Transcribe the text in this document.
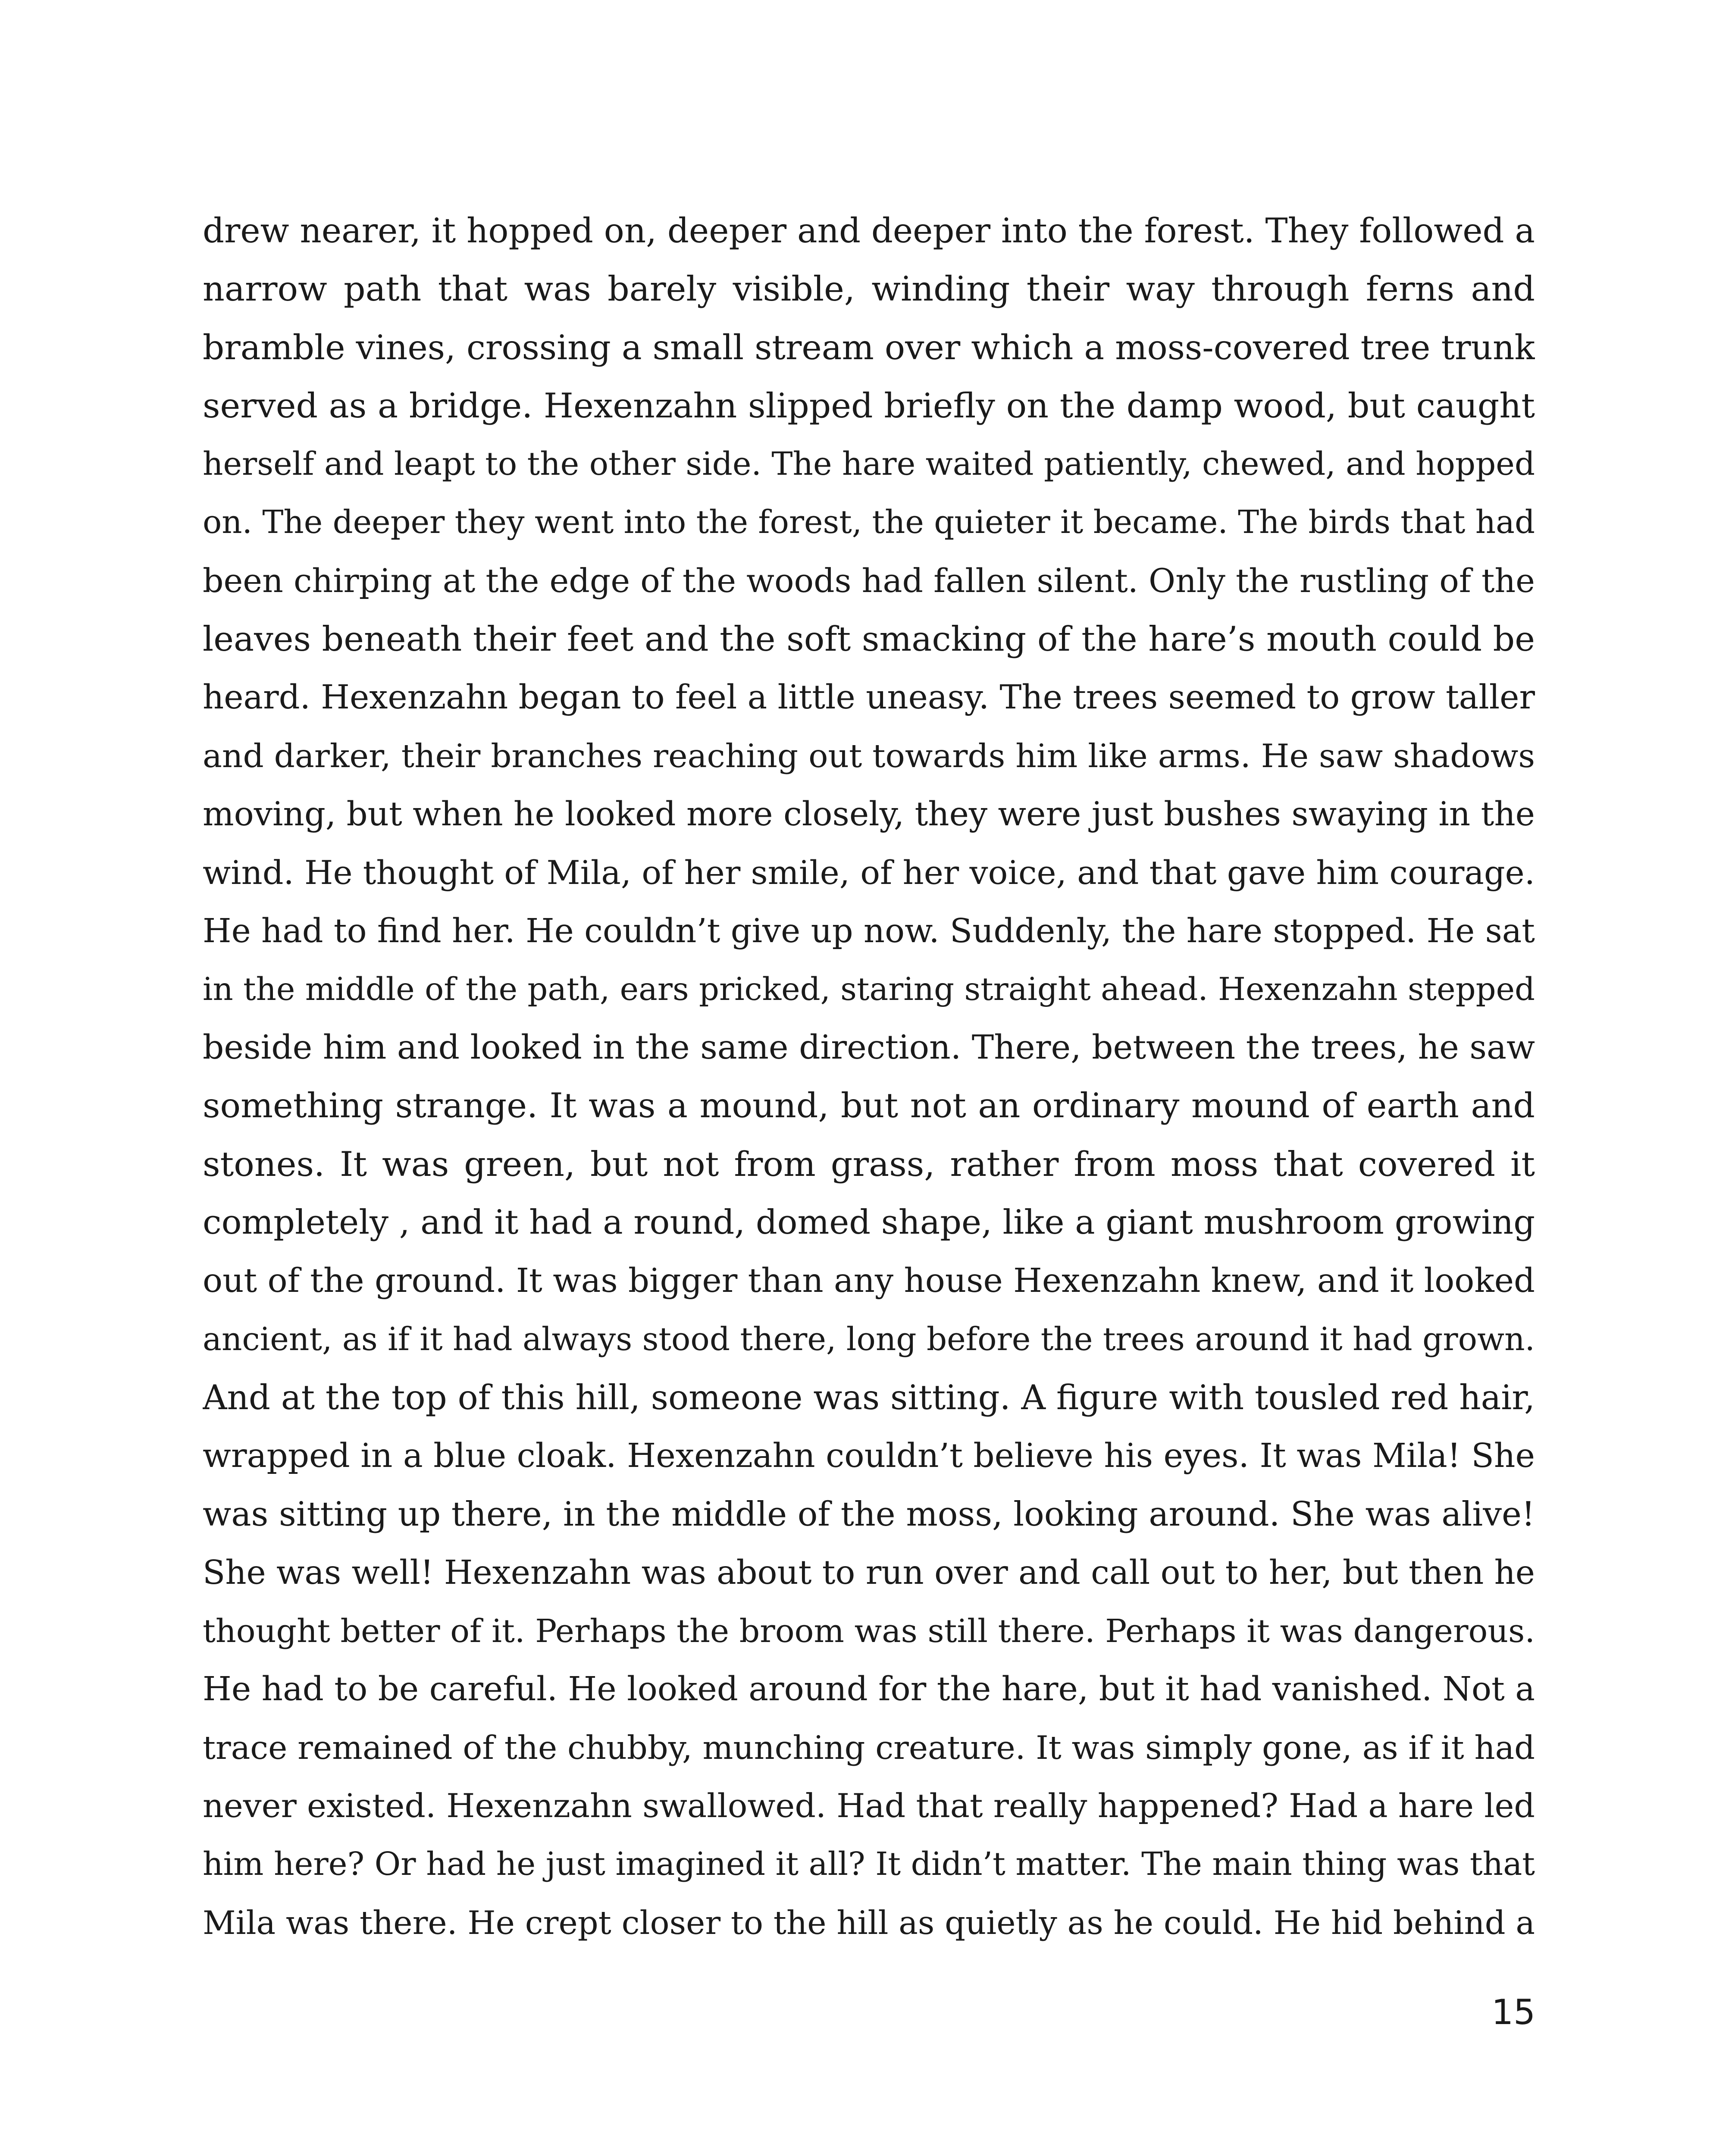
drew nearer, it hopped on, deeper and deeper into the forest. They followed a
narrow path that was barely visible, winding their way through ferns and
bramble vines, crossing a small stream over which a moss-covered tree trunk
served as a bridge. Hexenzahn slipped briefly on the damp wood, but caught
herself and leapt to the other side. The hare waited patiently, chewed, and hopped
on. The deeper they went into the forest, the quieter it became. The birds that had
been chirping at the edge of the woods had fallen silent. Only the rustling of the
leaves beneath their feet and the soft smacking of the hare’s mouth could be
heard. Hexenzahn began to feel a little uneasy. The trees seemed to grow taller
and darker, their branches reaching out towards him like arms. He saw shadows
moving, but when he looked more closely, they were just bushes swaying in the
wind. He thought of Mila, of her smile, of her voice, and that gave him courage.
He had to find her. He couldn’t give up now. Suddenly, the hare stopped. He sat
in the middle of the path, ears pricked, staring straight ahead. Hexenzahn stepped
beside him and looked in the same direction. There, between the trees, he saw
something strange. It was a mound, but not an ordinary mound of earth and
stones. It was green, but not from grass, rather from moss that covered it
completely , and it had a round, domed shape, like a giant mushroom growing
out of the ground. It was bigger than any house Hexenzahn knew, and it looked
ancient, as if it had always stood there, long before the trees around it had grown.
And at the top of this hill, someone was sitting. A figure with tousled red hair,
wrapped in a blue cloak. Hexenzahn couldn’t believe his eyes. It was Mila! She
was sitting up there, in the middle of the moss, looking around. She was alive!
She was well! Hexenzahn was about to run over and call out to her, but then he
thought better of it. Perhaps the broom was still there. Perhaps it was dangerous.
He had to be careful. He looked around for the hare, but it had vanished. Not a
trace remained of the chubby, munching creature. It was simply gone, as if it had
never existed. Hexenzahn swallowed. Had that really happened? Had a hare led
him here? Or had he just imagined it all? It didn’t matter. The main thing was that
Mila was there. He crept closer to the hill as quietly as he could. He hid behind a
15
